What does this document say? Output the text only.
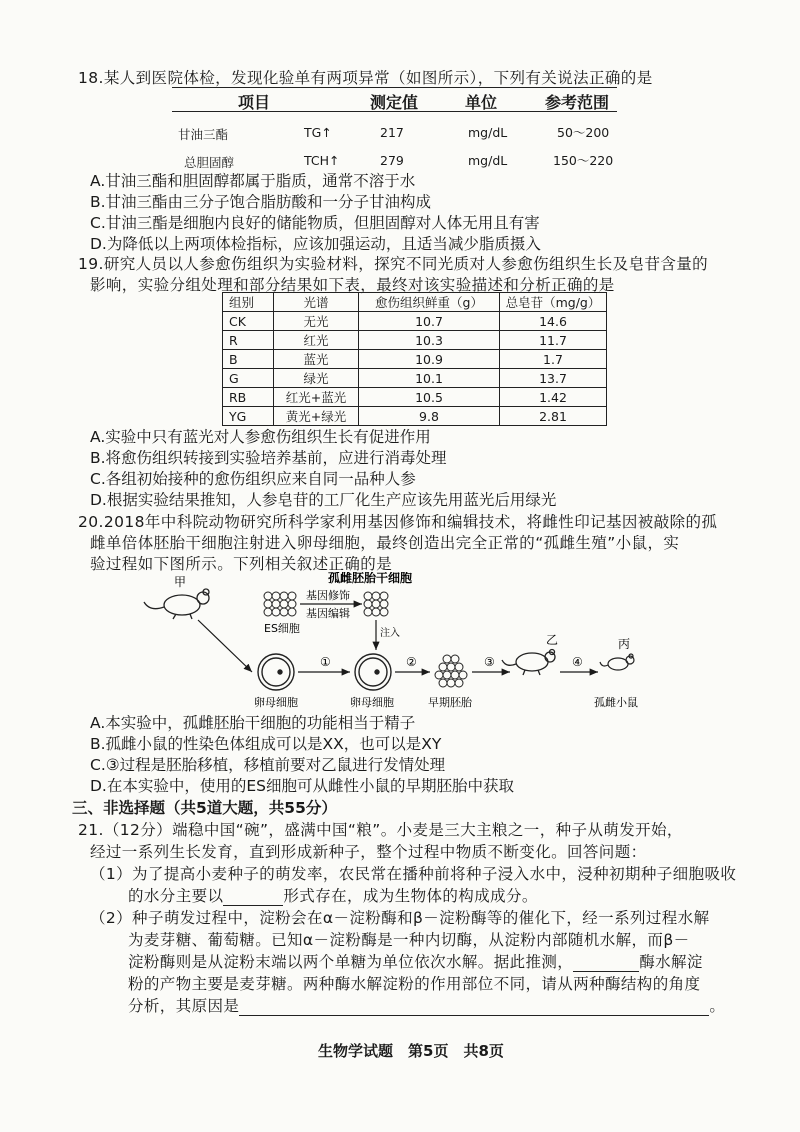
18.某人到医院体检，发现化验单有两项异常（如图所示），下列有关说法正确的是
项目	测定值	单位	参考范围
甘油三酯	TG↑	217	mg/dL	50～200
总胆固醇	TCH↑	279	mg/dL	150～220
A.甘油三酯和胆固醇都属于脂质，通常不溶于水
B.甘油三酯由三分子饱合脂肪酸和一分子甘油构成
C.甘油三酯是细胞内良好的储能物质，但胆固醇对人体无用且有害
D.为降低以上两项体检指标，应该加强运动，且适当减少脂质摄入
19.研究人员以人参愈伤组织为实验材料，探究不同光质对人参愈伤组织生长及皂苷含量的
影响，实验分组处理和部分结果如下表，最终对该实验描述和分析正确的是
组别	光谱	愈伤组织鲜重（g）	总皂苷（mg/g）
CK	无光	10.7	14.6
R	红光	10.3	11.7
B	蓝光	10.9	1.7
G	绿光	10.1	13.7
RB	红光+蓝光	10.5	1.42
YG	黄光+绿光	9.8	2.81
A.实验中只有蓝光对人参愈伤组织生长有促进作用
B.将愈伤组织转接到实验培养基前，应进行消毒处理
C.各组初始接种的愈伤组织应来自同一品种人参
D.根据实验结果推知，人参皂苷的工厂化生产应该先用蓝光后用绿光
20.2018年中科院动物研究所科学家利用基因修饰和编辑技术，将雌性印记基因被敲除的孤
雌单倍体胚胎干细胞注射进入卵母细胞，最终创造出完全正常的“孤雌生殖”小鼠，实
验过程如下图所示。下列相关叙述正确的是
甲	孤雌胚胎干细胞
基因修饰
基因编辑
ES细胞	注入
①	②	③	④
乙	丙
卵母细胞	卵母细胞	早期胚胎	孤雌小鼠
A.本实验中，孤雌胚胎干细胞的功能相当于精子
B.孤雌小鼠的性染色体组成可以是XX，也可以是XY
C.③过程是胚胎移植，移植前要对乙鼠进行发情处理
D.在本实验中，使用的ES细胞可从雌性小鼠的早期胚胎中获取
三、非选择题（共5道大题，共55分）
21.（12分）端稳中国“碗”，盛满中国“粮”。小麦是三大主粮之一，种子从萌发开始，
经过一系列生长发育，直到形成新种子，整个过程中物质不断变化。回答问题：
（1）为了提高小麦种子的萌发率，农民常在播种前将种子浸入水中，浸种初期种子细胞吸收
的水分主要以	形式存在，成为生物体的构成成分。
（2）种子萌发过程中，淀粉会在α－淀粉酶和β－淀粉酶等的催化下，经一系列过程水解
为麦芽糖、葡萄糖。已知α－淀粉酶是一种内切酶，从淀粉内部随机水解，而β－
淀粉酶则是从淀粉末端以两个单糖为单位依次水解。据此推测，	酶水解淀
粉的产物主要是麦芽糖。两种酶水解淀粉的作用部位不同，请从两种酶结构的角度
分析，其原因是	。
生物学试题　第5页　共8页
